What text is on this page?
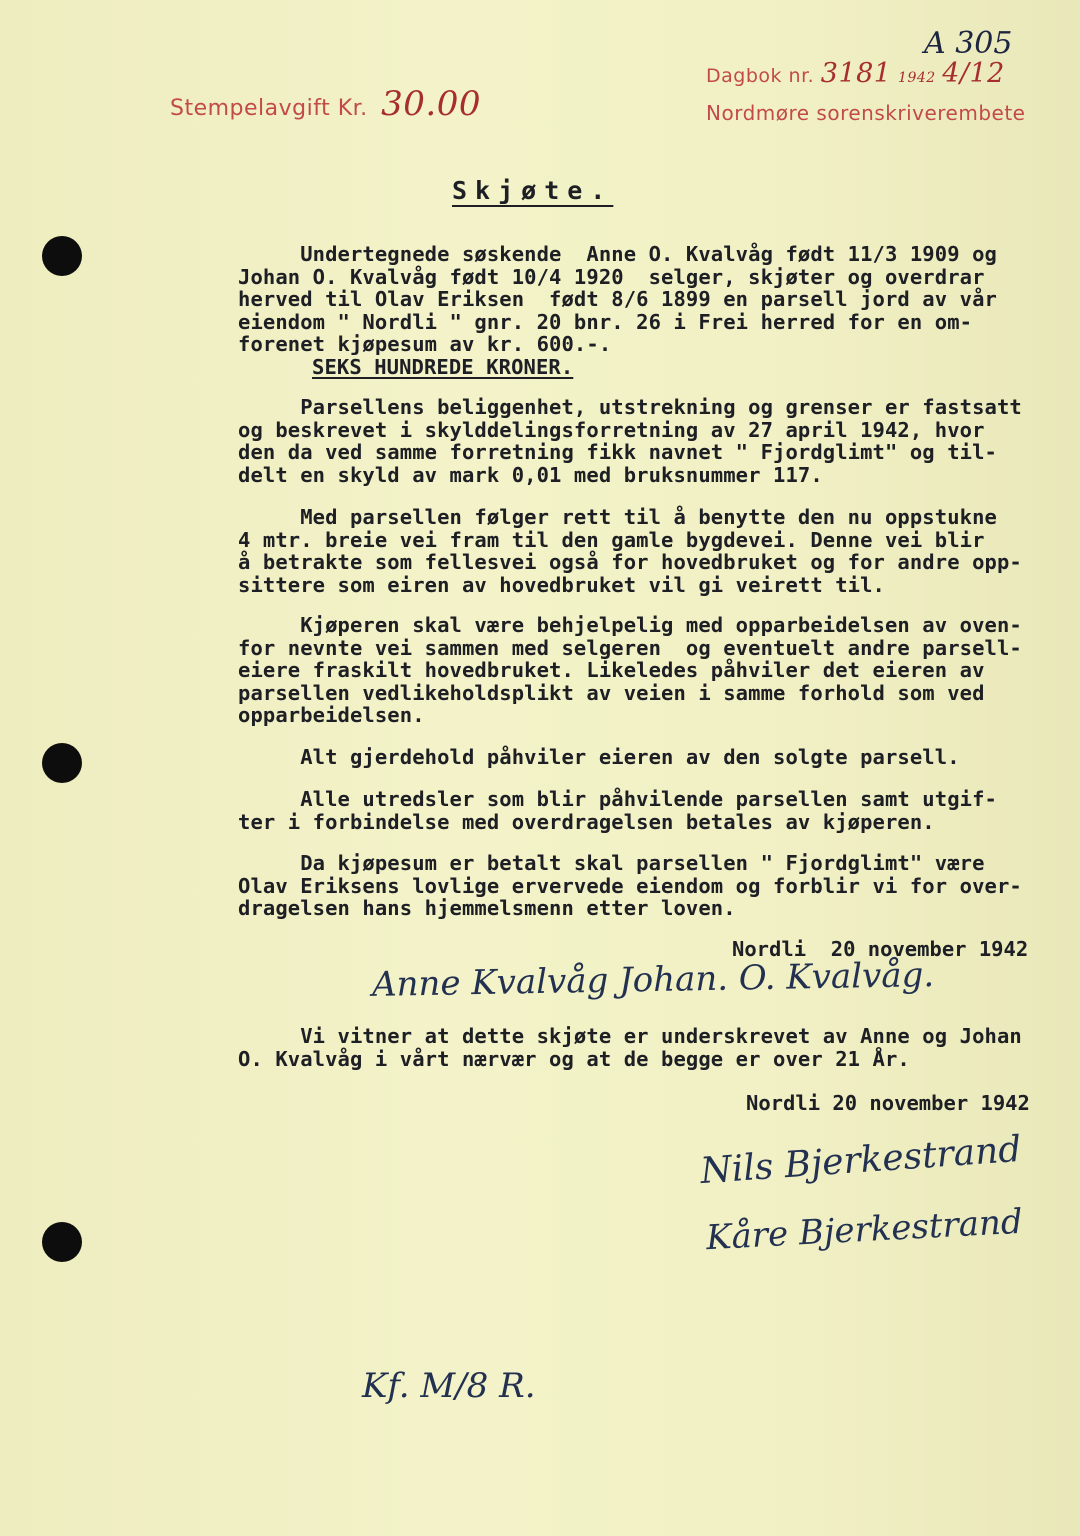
Stempelavgift Kr. 30.00
Dagbok nr. 3181 1942 4/12
Nordmøre sorenskriverembete
A 305
Skjøte.
Undertegnede søskende  Anne O. Kvalvåg født 11/3 1909 og
Johan O. Kvalvåg født 10/4 1920  selger, skjøter og overdrar
herved til Olav Eriksen  født 8/6 1899 en parsell jord av vår
eiendom " Nordli " gnr. 20 bnr. 26 i Frei herred for en om-
forenet kjøpesum av kr. 600.-.
SEKS HUNDREDE KRONER.
Parsellens beliggenhet, utstrekning og grenser er fastsatt
og beskrevet i skylddelingsforretning av 27 april 1942, hvor
den da ved samme forretning fikk navnet " Fjordglimt" og til-
delt en skyld av mark 0,01 med bruksnummer 117.
Med parsellen følger rett til å benytte den nu oppstukne
4 mtr. breie vei fram til den gamle bygdevei. Denne vei blir
å betrakte som fellesvei også for hovedbruket og for andre opp-
sittere som eiren av hovedbruket vil gi veirett til.
Kjøperen skal være behjelpelig med opparbeidelsen av oven-
for nevnte vei sammen med selgeren  og eventuelt andre parsell-
eiere fraskilt hovedbruket. Likeledes påhviler det eieren av
parsellen vedlikeholdsplikt av veien i samme forhold som ved
opparbeidelsen.
Alt gjerdehold påhviler eieren av den solgte parsell.
Alle utredsler som blir påhvilende parsellen samt utgif-
ter i forbindelse med overdragelsen betales av kjøperen.
Da kjøpesum er betalt skal parsellen " Fjordglimt" være
Olav Eriksens lovlige ervervede eiendom og forblir vi for over-
dragelsen hans hjemmelsmenn etter loven.
Nordli  20 november 1942
Anne Kvalvåg Johan. O. Kvalvåg.
Vi vitner at dette skjøte er underskrevet av Anne og Johan
O. Kvalvåg i vårt nærvær og at de begge er over 21 År.
Nordli 20 november 1942
Nils Bjerkestrand
Kåre Bjerkestrand
Kf. M/8 R.
